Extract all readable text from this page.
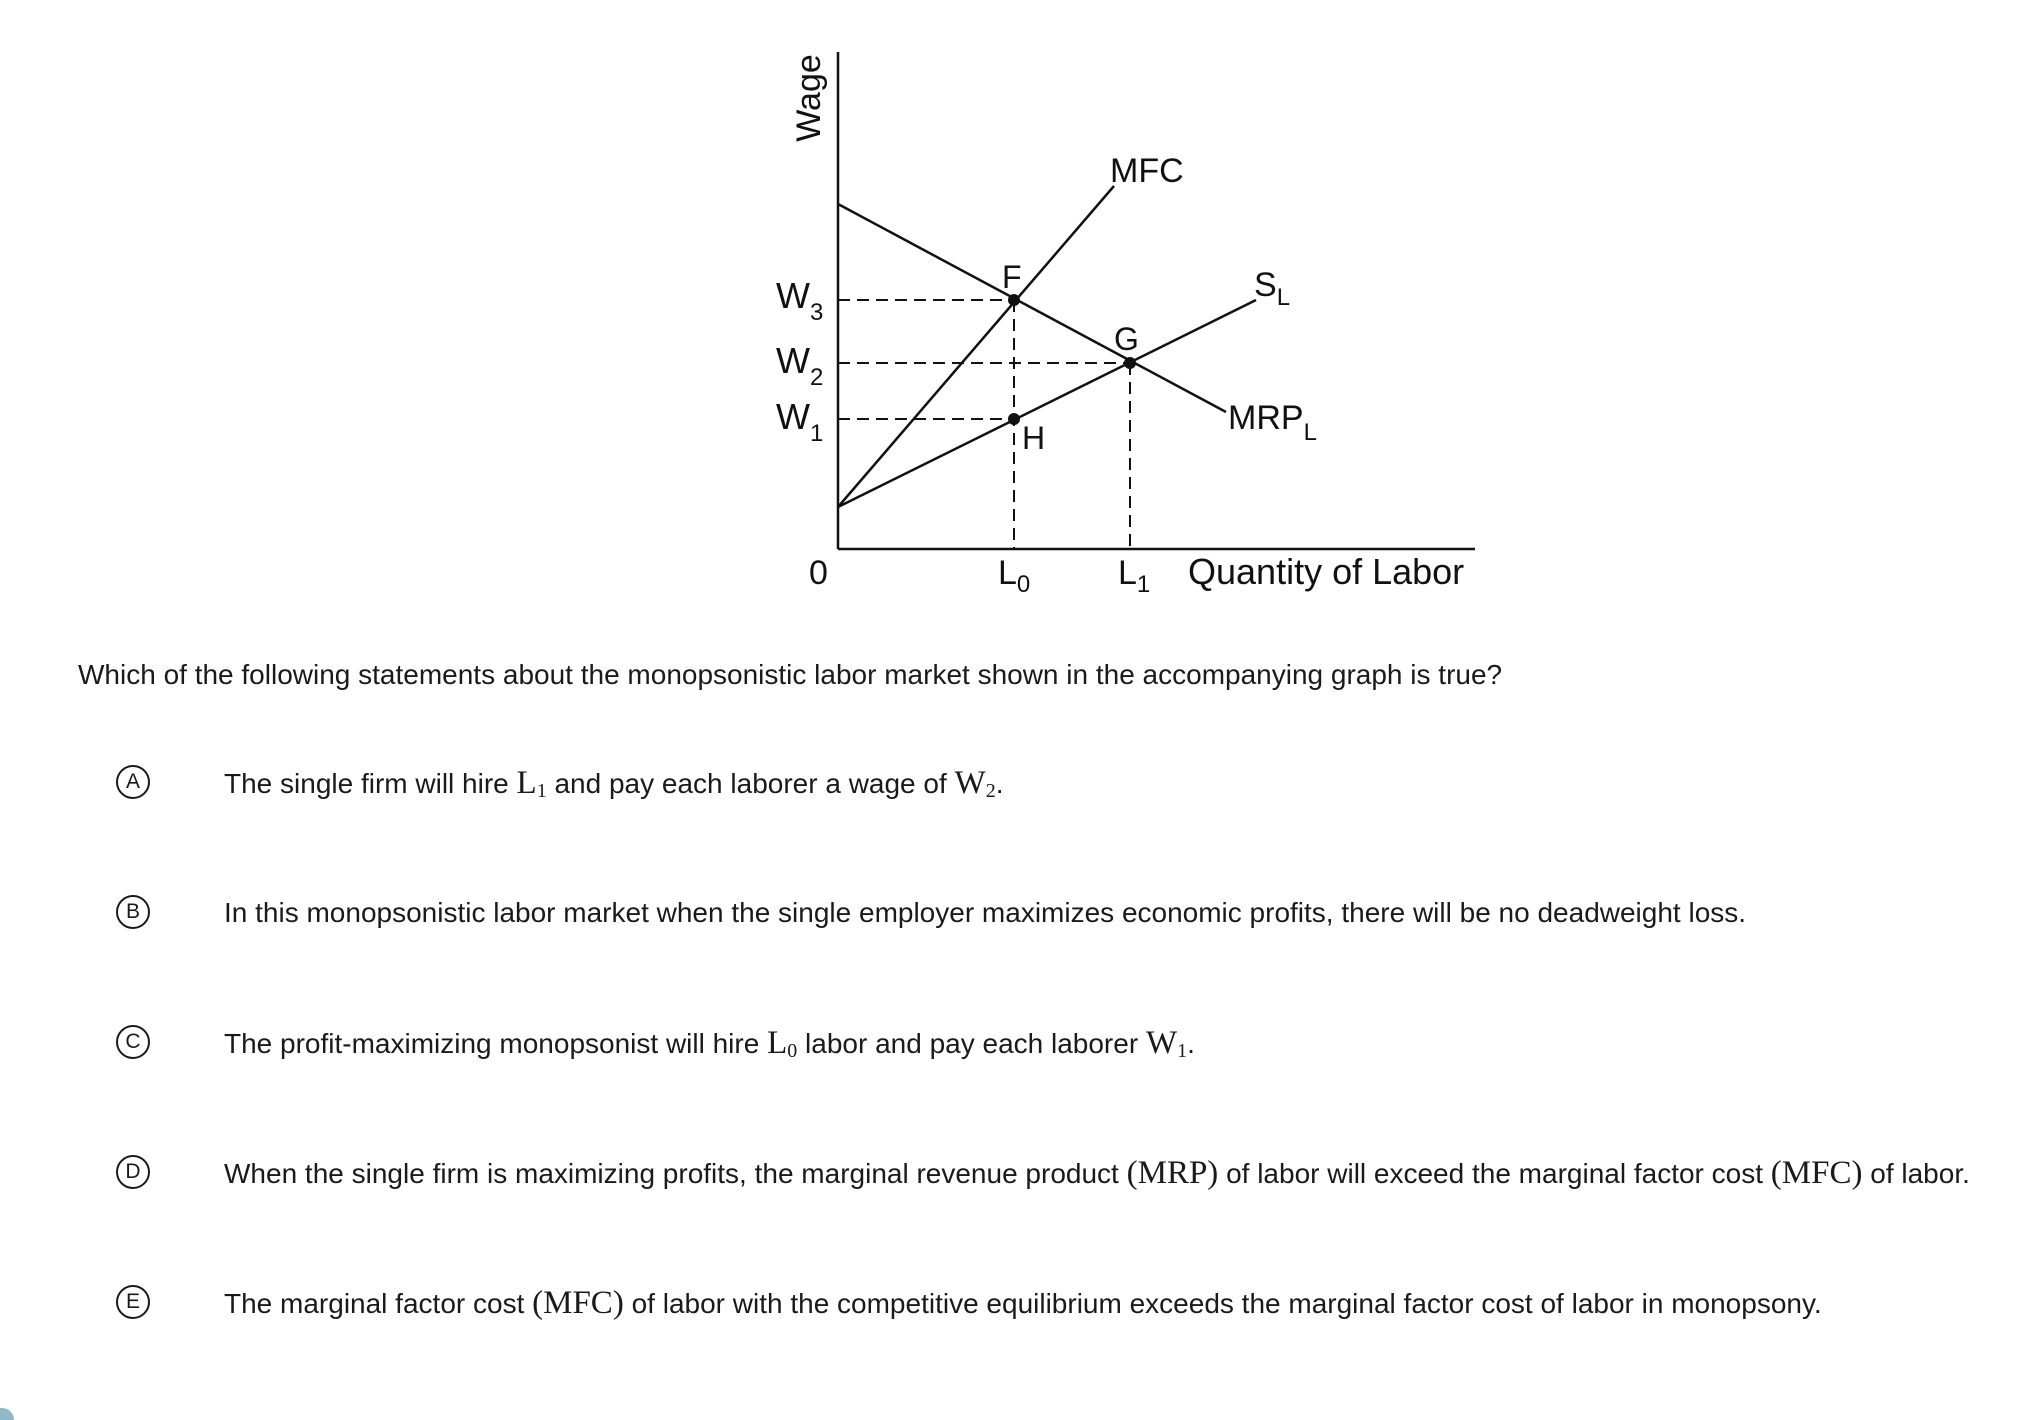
Wage
F
G
H
MFC
$S_L$
$MRP_L$
$W_3$
$W_2$
$W_1$
0	$L_0$	$L_1$ Quantity of Labor
Which of the following statements about the monopsonistic labor market shown in the accompanying graph is true?
A	The single firm will hire $L_1$ and pay each laborer a wage of $W_2$.
B	In this monopsonistic labor market when the single employer maximizes economic profits, there will be no deadweight loss.
C	The profit-maximizing monopsonist will hire $L_0$ labor and pay each laborer $W_1$.
D	When the single firm is maximizing profits, the marginal revenue product (MRP) of labor will exceed the marginal factor cost (MFC) of labor.
E	The marginal factor cost (MFC) of labor with the competitive equilibrium exceeds the marginal factor cost of labor in monopsony.
